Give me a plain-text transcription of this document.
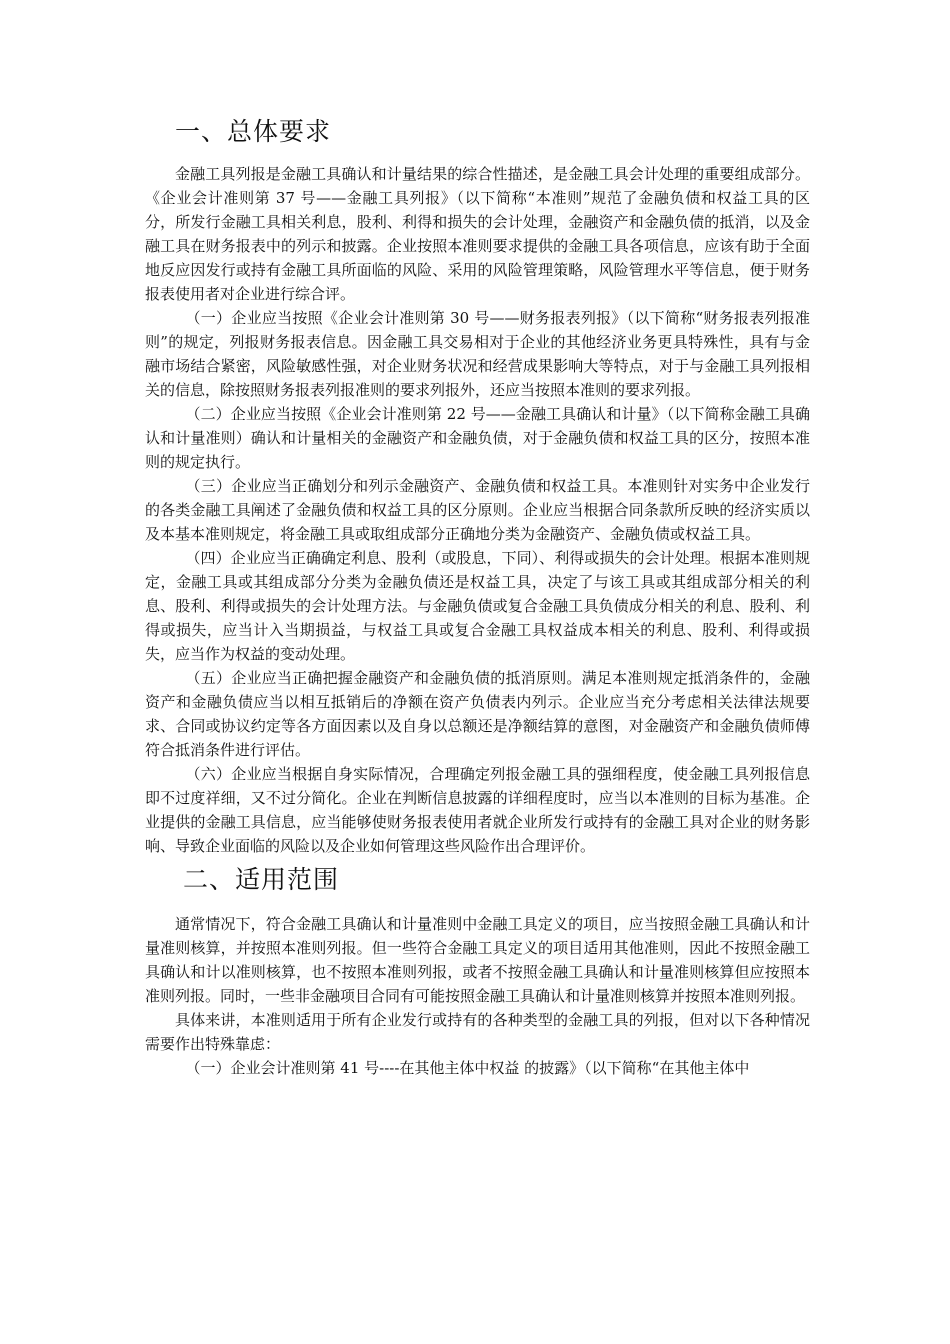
一、总体要求

金融工具列报是金融工具确认和计量结果的综合性描述，是金融工具会计处理的重要组成部分。《企业会计准则第 37 号——金融工具列报》（以下简称“本准则”规范了金融负债和权益工具的区分，所发行金融工具相关利息，股利、利得和损失的会计处理，金融资产和金融负债的抵消，以及金融工具在财务报表中的列示和披露。企业按照本准则要求提供的金融工具各项信息，应该有助于全面地反应因发行或持有金融工具所面临的风险、采用的风险管理策略，风险管理水平等信息，便于财务报表使用者对企业进行综合评。

（一）企业应当按照《企业会计准则第 30 号——财务报表列报》（以下简称“财务报表列报准则”的规定，列报财务报表信息。因金融工具交易相对于企业的其他经济业务更具特殊性，具有与金融市场结合紧密，风险敏感性强，对企业财务状况和经营成果影响大等特点，对于与金融工具列报相关的信息，除按照财务报表列报准则的要求列报外，还应当按照本准则的要求列报。

（二）企业应当按照《企业会计准则第 22 号——金融工具确认和计量》（以下简称金融工具确认和计量准则）确认和计量相关的金融资产和金融负债，对于金融负债和权益工具的区分，按照本准则的规定执行。

（三）企业应当正确划分和列示金融资产、金融负债和权益工具。本准则针对实务中企业发行的各类金融工具阐述了金融负债和权益工具的区分原则。企业应当根据合同条款所反映的经济实质以及本基本准则规定，将金融工具或取组成部分正确地分类为金融资产、金融负债或权益工具。

（四）企业应当正确确定利息、股利（或股息，下同）、利得或损失的会计处理。根据本准则规定，金融工具或其组成部分分类为金融负债还是权益工具，决定了与该工具或其组成部分相关的利息、股利、利得或损失的会计处理方法。与金融负债或复合金融工具负债成分相关的利息、股利、利得或损失，应当计入当期损益，与权益工具或复合金融工具权益成本相关的利息、股利、利得或损失，应当作为权益的变动处理。

（五）企业应当正确把握金融资产和金融负债的抵消原则。满足本准则规定抵消条件的，金融资产和金融负债应当以相互抵销后的净额在资产负债表内列示。企业应当充分考虑相关法律法规要求、合同或协议约定等各方面因素以及自身以总额还是净额结算的意图，对金融资产和金融负债师傅符合抵消条件进行评估。

（六）企业应当根据自身实际情况，合理确定列报金融工具的强细程度，使金融工具列报信息即不过度祥细，又不过分简化。企业在判断信息披露的详细程度时，应当以本准则的目标为基准。企业提供的金融工具信息，应当能够使财务报表使用者就企业所发行或持有的金融工具对企业的财务影响、导致企业面临的风险以及企业如何管理这些风险作出合理评价。

二、适用范围

通常情况下，符合金融工具确认和计量准则中金融工具定义的项目，应当按照金融工具确认和计量准则核算，并按照本准则列报。但一些符合金融工具定义的项目适用其他准则，因此不按照金融工具确认和计以准则核算，也不按照本准则列报，或者不按照金融工具确认和计量准则核算但应按照本准则列报。同时，一些非金融项目合同有可能按照金融工具确认和计量准则核算并按照本准则列报。

具体来讲，本准则适用于所有企业发行或持有的各种类型的金融工具的列报，但对以下各种情况需要作出特殊靠虑：

（一）企业会计准则第 41 号----在其他主体中权益 的披露》（以下简称“在其他主体中
